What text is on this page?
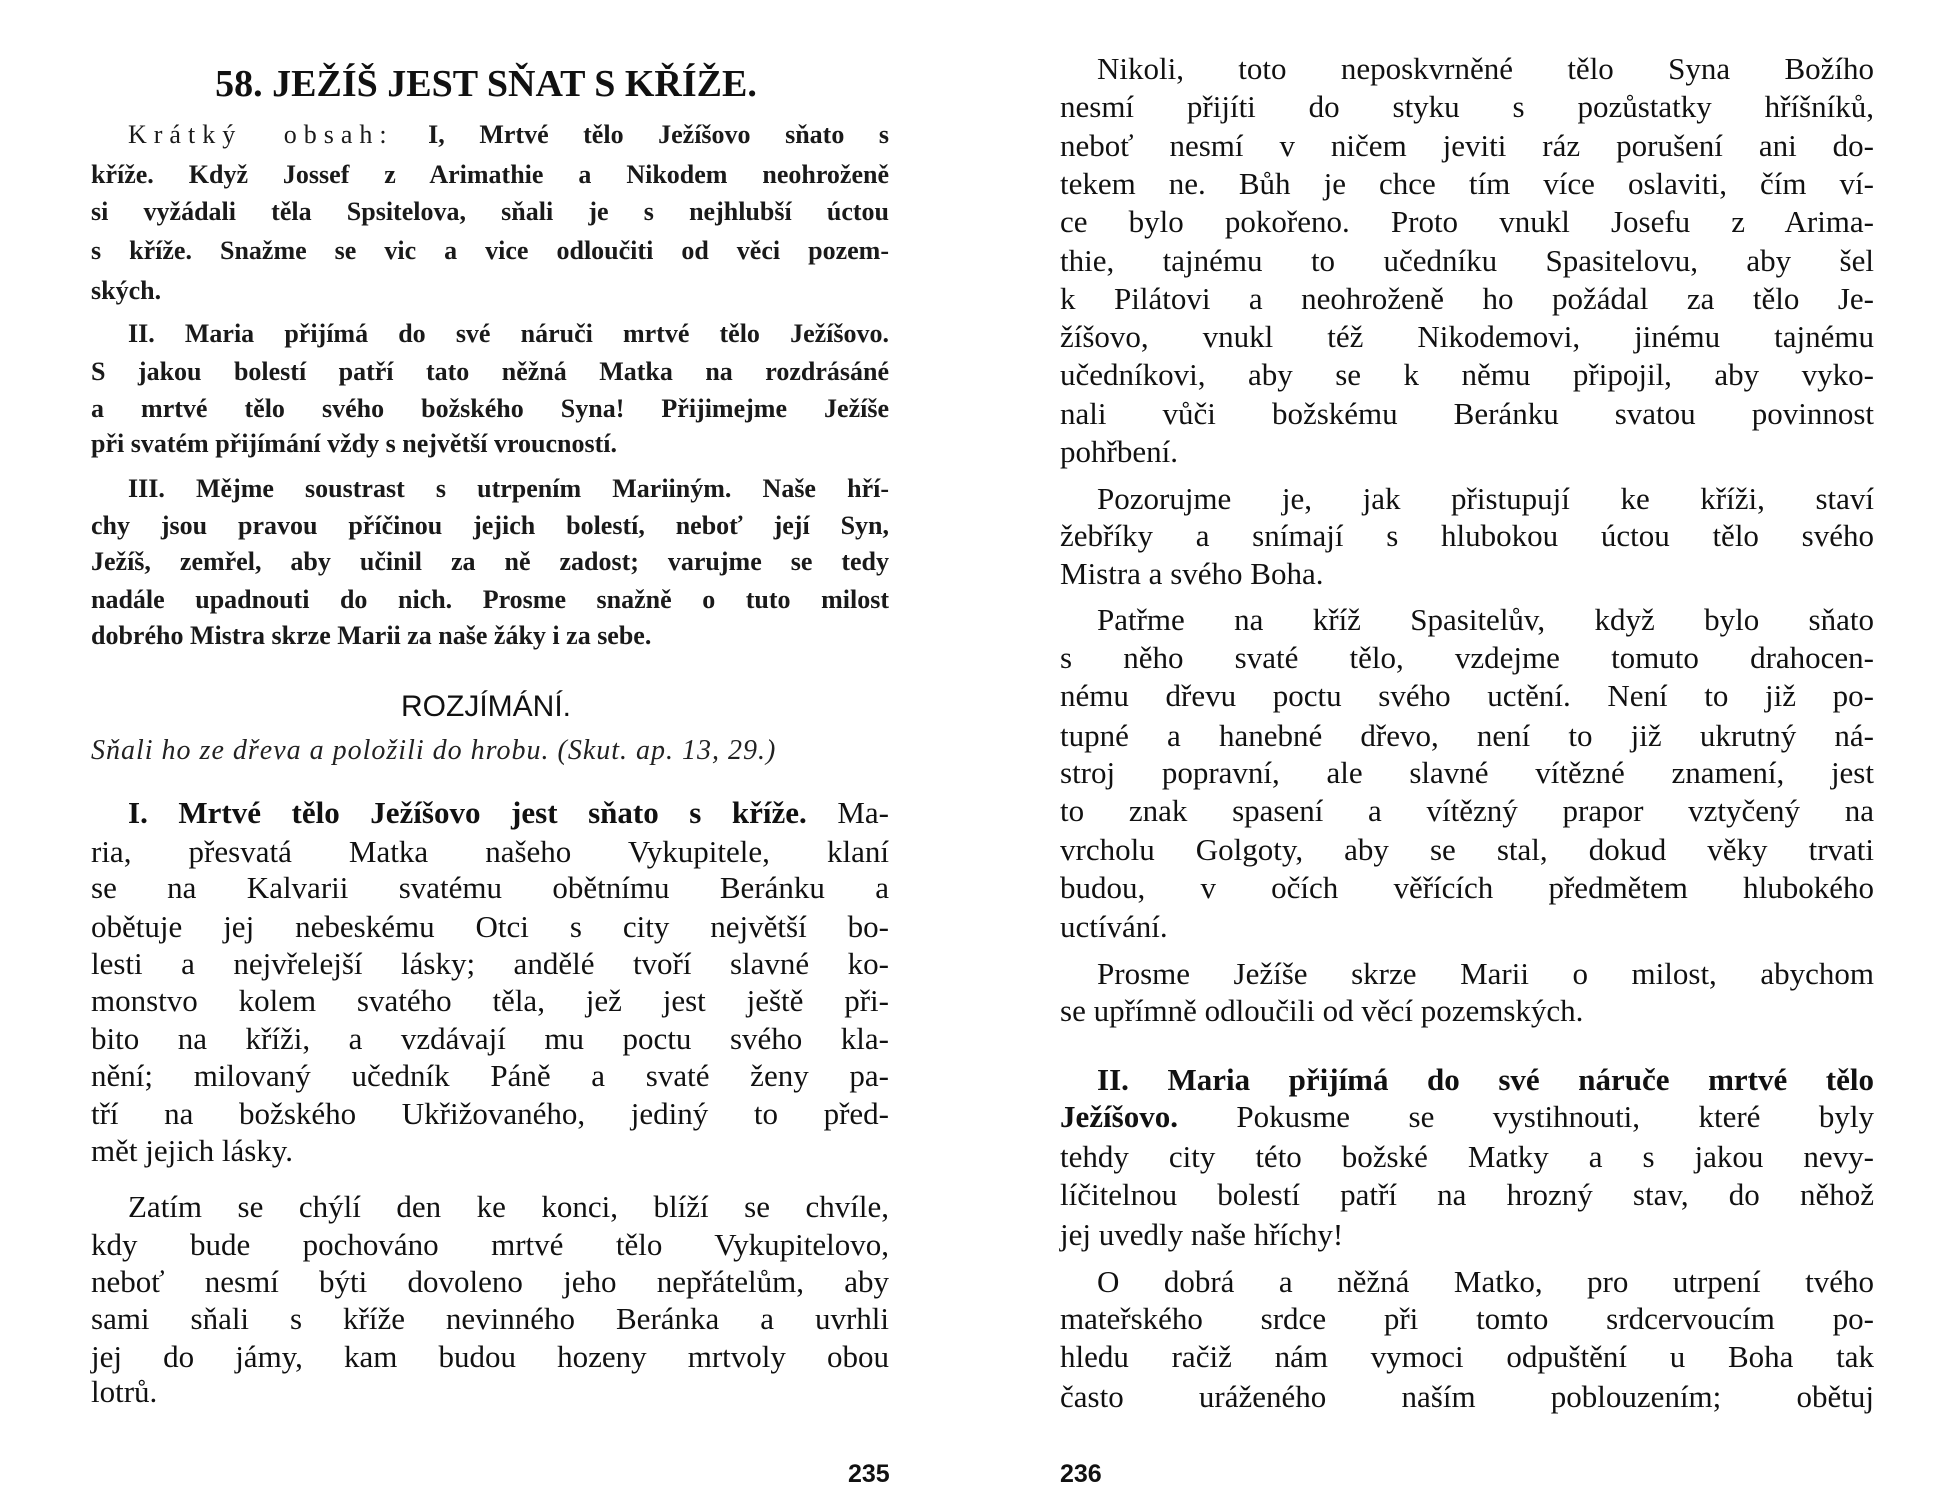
58. JEŽÍŠ JEST SŇAT S KŘÍŽE.
Krátký obsah: I, Mrtvé tělo Ježíšovo sňato s
kříže. Když Jossef z Arimathie a Nikodem neohroženě
si vyžádali těla Spsitelova, sňali je s nejhlubší úctou
s kříže. Snažme se vic a vice odloučiti od věci pozem-
ských.
II. Maria přijímá do své náruči mrtvé tělo Ježíšovo.
S jakou bolestí patří tato něžná Matka na rozdrásáné
a mrtvé tělo svého božského Syna! Přijimejme Ježíše
při svatém přijímání vždy s největší vroucností.
III. Mějme soustrast s utrpením Mariiným. Naše hří-
chy jsou pravou příčinou jejich bolestí, neboť její Syn,
Ježíš, zemřel, aby učinil za ně zadost; varujme se tedy
nadále upadnouti do nich. Prosme snažně o tuto milost
dobrého Mistra skrze Marii za naše žáky i za sebe.
ROZJÍMÁNÍ.
Sňali ho ze dřeva a položili do hrobu. (Skut. ap. 13, 29.)
I. Mrtvé tělo Ježíšovo jest sňato s kříže. Ma-
ria, přesvatá Matka našeho Vykupitele, klaní
se na Kalvarii svatému obětnímu Beránku a
obětuje jej nebeskému Otci s city největší bo-
lesti a nejvřelejší lásky; andělé tvoří slavné ko-
monstvo kolem svatého těla, jež jest ještě při-
bito na kříži, a vzdávají mu poctu svého kla-
nění; milovaný učedník Páně a svaté ženy pa-
tří na božského Ukřižovaného, jediný to před-
mět jejich lásky.
Zatím se chýlí den ke konci, blíží se chvíle,
kdy bude pochováno mrtvé tělo Vykupitelovo,
neboť nesmí býti dovoleno jeho nepřátelům, aby
sami sňali s kříže nevinného Beránka a uvrhli
jej do jámy, kam budou hozeny mrtvoly obou
lotrů.
235
Nikoli, toto neposkvrněné tělo Syna Božího
nesmí přijíti do styku s pozůstatky hříšníků,
neboť nesmí v ničem jeviti ráz porušení ani do-
tekem ne. Bůh je chce tím více oslaviti, čím ví-
ce bylo pokořeno. Proto vnukl Josefu z Arima-
thie, tajnému to učedníku Spasitelovu, aby šel
k Pilátovi a neohroženě ho požádal za tělo Je-
žíšovo, vnukl též Nikodemovi, jinému tajnému
učedníkovi, aby se k němu připojil, aby vyko-
nali vůči božskému Beránku svatou povinnost
pohřbení.
Pozorujme je, jak přistupují ke kříži, staví
žebříky a snímají s hlubokou úctou tělo svého
Mistra a svého Boha.
Patřme na kříž Spasitelův, když bylo sňato
s něho svaté tělo, vzdejme tomuto drahocen-
nému dřevu poctu svého uctění. Není to již po-
tupné a hanebné dřevo, není to již ukrutný ná-
stroj popravní, ale slavné vítězné znamení, jest
to znak spasení a vítězný prapor vztyčený na
vrcholu Golgoty, aby se stal, dokud věky trvati
budou, v očích věřících předmětem hlubokého
uctívání.
Prosme Ježíše skrze Marii o milost, abychom
se upřímně odloučili od věcí pozemských.
II. Maria přijímá do své náruče mrtvé tělo
Ježíšovo. Pokusme se vystihnouti, které byly
tehdy city této božské Matky a s jakou nevy-
líčitelnou bolestí patří na hrozný stav, do něhož
jej uvedly naše hříchy!
O dobrá a něžná Matko, pro utrpení tvého
mateřského srdce při tomto srdcervoucím po-
hledu račiž nám vymoci odpuštění u Boha tak
často uráženého naším poblouzením; obětuj
236
